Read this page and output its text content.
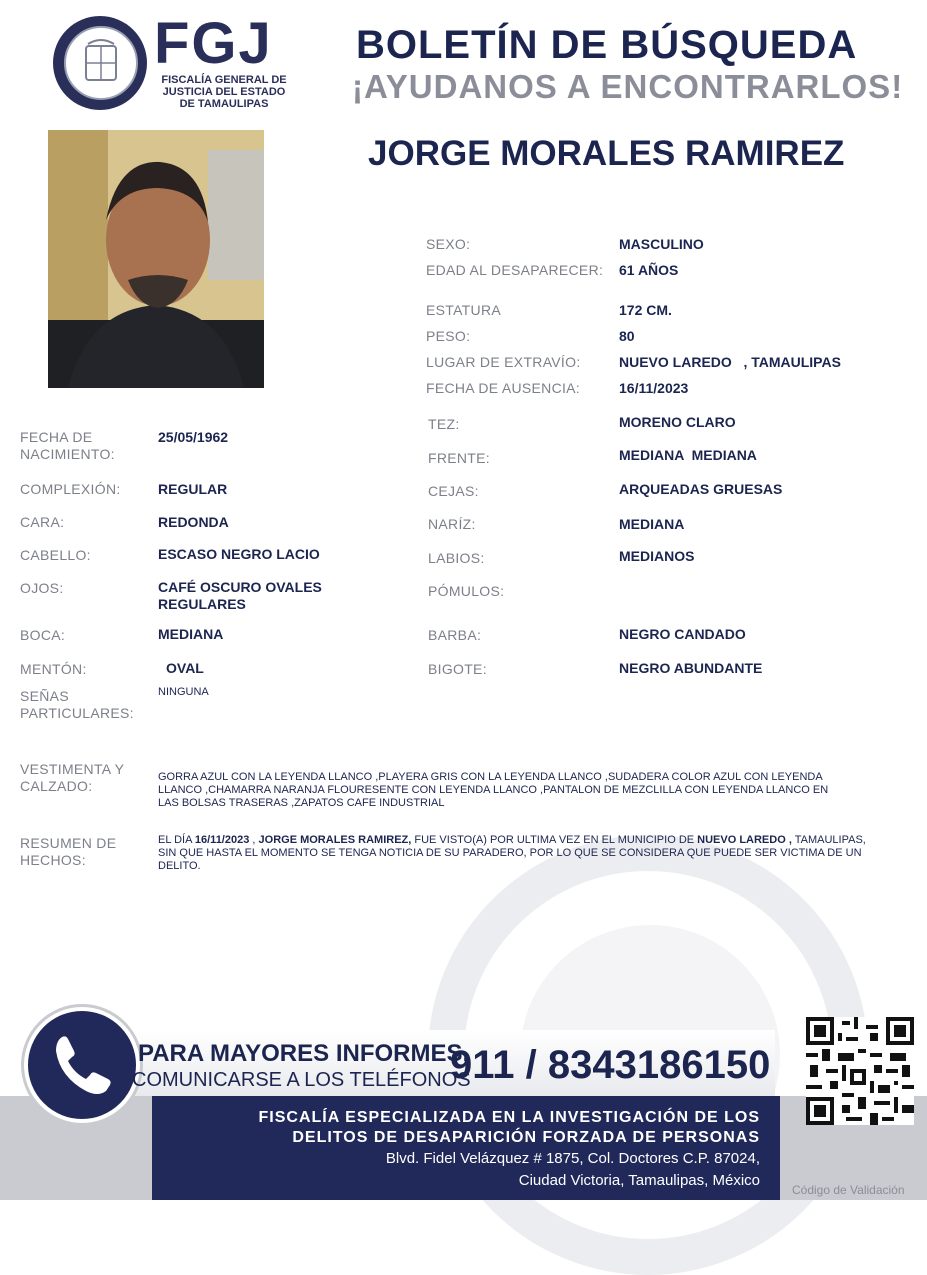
FGJ
FISCALÍA GENERAL DE
JUSTICIA DEL ESTADO
DE TAMAULIPAS
BOLETÍN DE BÚSQUEDA
¡AYUDANOS A ENCONTRARLOS!
JORGE MORALES RAMIREZ
SEXO:	MASCULINO
EDAD AL DESAPARECER: 61 AÑOS
ESTATURA	172 CM.
PESO:	80
LUGAR DE EXTRAVÍO:	NUEVO LAREDO   , TAMAULIPAS
FECHA DE AUSENCIA:	16/11/2023
TEZ:	MORENO CLARO
FRENTE:	MEDIANA  MEDIANA
CEJAS:	ARQUEADAS GRUESAS
NARÍZ:	MEDIANA
LABIOS:	MEDIANOS
PÓMULOS:
BARBA:	NEGRO CANDADO
BIGOTE:	NEGRO ABUNDANTE
FECHA DE NACIMIENTO:
25/05/1962
COMPLEXIÓN:	REGULAR
CARA:	REDONDA
CABELLO:	ESCASO NEGRO LACIO
OJOS:	CAFÉ OSCURO OVALES REGULARES
BOCA:	MEDIANA
MENTÓN:	OVAL
SEÑAS PARTICULARES:
NINGUNA
VESTIMENTA Y CALZADO:
GORRA AZUL CON LA LEYENDA LLANCO ,PLAYERA GRIS CON LA LEYENDA LLANCO ,SUDADERA COLOR AZUL CON LEYENDA LLANCO ,CHAMARRA NARANJA FLOURESENTE CON LEYENDA LLANCO ,PANTALON DE MEZCLILLA CON LEYENDA LLANCO EN LAS BOLSAS TRASERAS ,ZAPATOS CAFE INDUSTRIAL
RESUMEN DE HECHOS:
EL DÍA 16/11/2023 , JORGE MORALES RAMIREZ, FUE VISTO(A) POR ULTIMA VEZ EN EL MUNICIPIO DE NUEVO LAREDO , TAMAULIPAS, SIN QUE HASTA EL MOMENTO SE TENGA NOTICIA DE SU PARADERO, POR LO QUE SE CONSIDERA QUE PUEDE SER VICTIMA DE UN DELITO.
PARA MAYORES INFORMES,
COMUNICARSE A LOS TELÉFONOS
911 / 8343186150
FISCALÍA ESPECIALIZADA EN LA INVESTIGACIÓN DE LOS
DELITOS DE DESAPARICIÓN FORZADA DE PERSONAS
Blvd. Fidel Velázquez # 1875, Col. Doctores C.P. 87024,
Ciudad Victoria, Tamaulipas, México
Código de Validación
